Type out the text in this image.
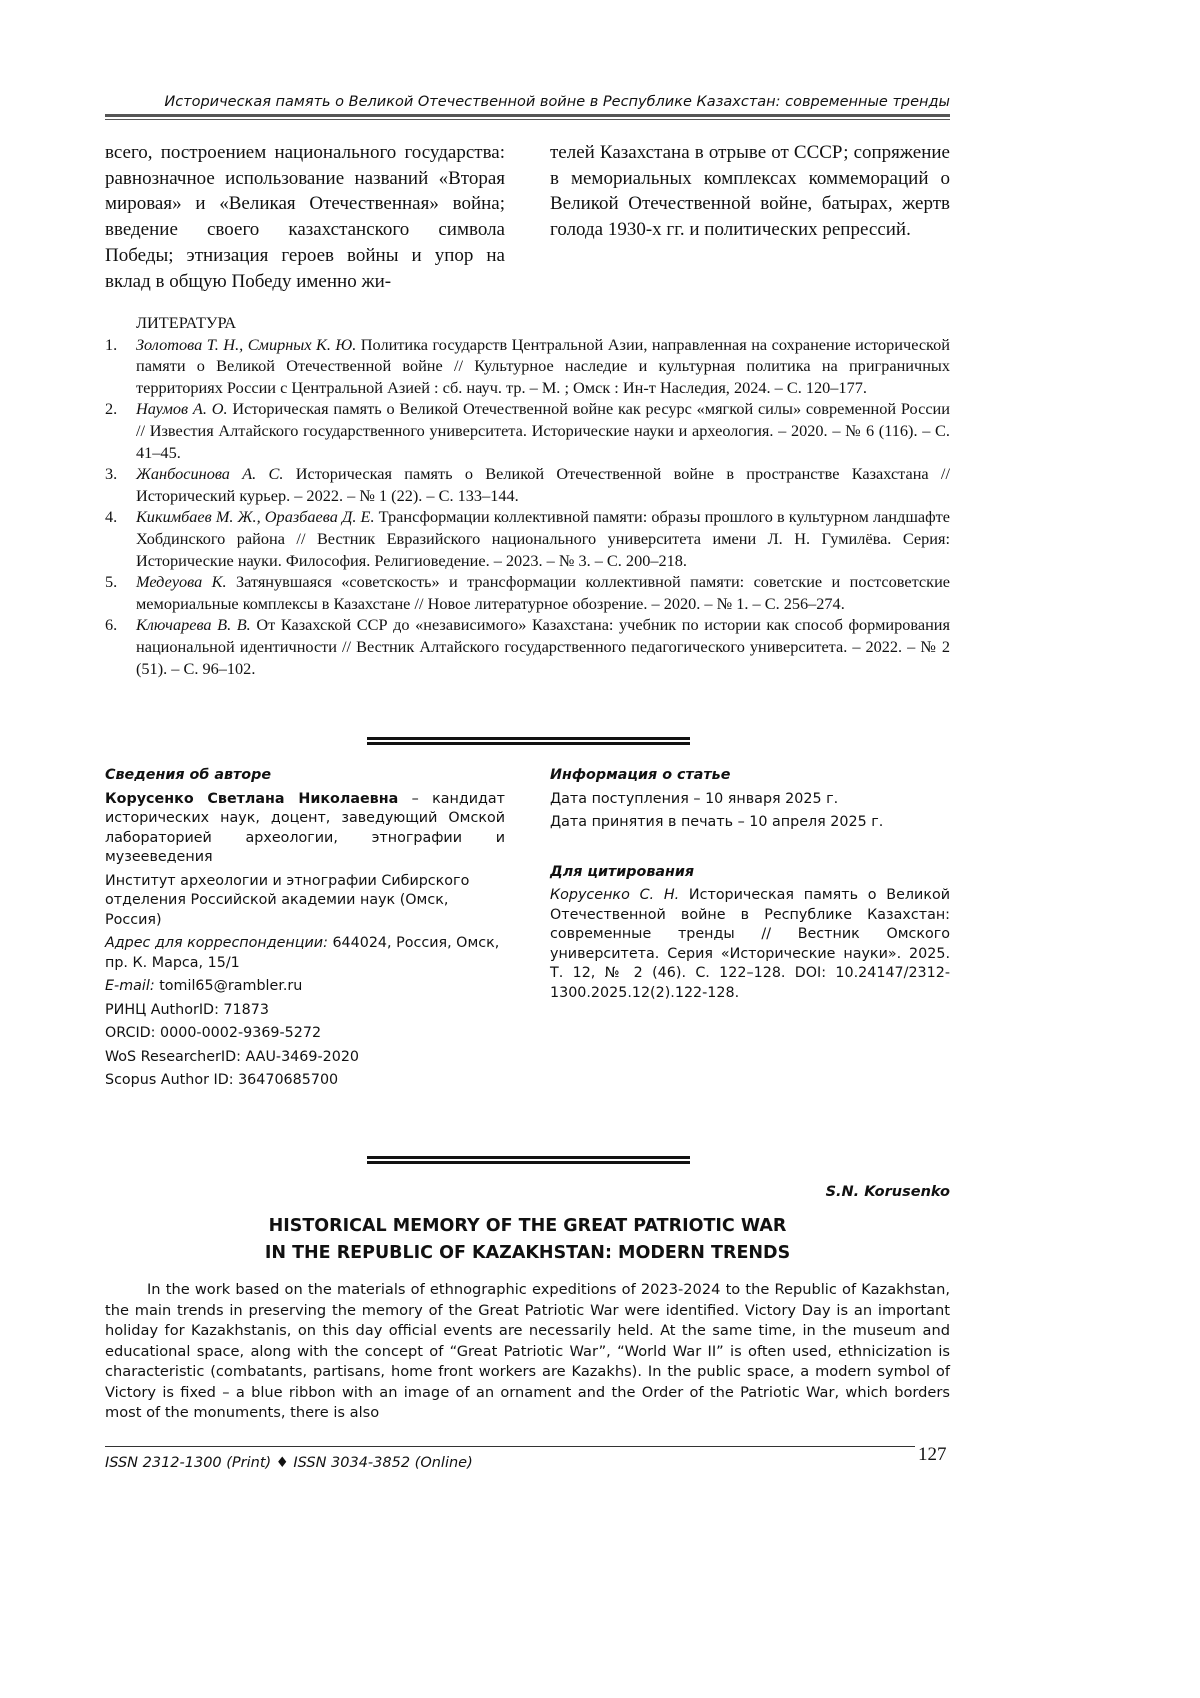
Историческая память о Великой Отечественной войне в Республике Казахстан: современные тренды
всего, построением национального государства: равнозначное использование названий «Вторая мировая» и «Великая Отечественная» война; введение своего казахстанского символа Победы; этнизация героев войны и упор на вклад в общую Победу именно жи-
телей Казахстана в отрыве от СССР; сопряжение в мемориальных комплексах коммемораций о Великой Отечественной войне, батырах, жертв голода 1930-х гг. и политических репрессий.
ЛИТЕРАТУРА
1.	Золотова Т. Н., Смирных К. Ю. Политика государств Центральной Азии, направленная на сохранение исторической памяти о Великой Отечественной войне // Культурное наследие и культурная политика на приграничных территориях России с Центральной Азией : сб. науч. тр. – М. ; Омск : Ин-т Наследия, 2024. – С. 120–177.
2.	Наумов А. О. Историческая память о Великой Отечественной войне как ресурс «мягкой силы» современной России // Известия Алтайского государственного университета. Исторические науки и археология. – 2020. – № 6 (116). – С. 41–45.
3.	Жанбосинова А. С. Историческая память о Великой Отечественной войне в пространстве Казахстана // Исторический курьер. – 2022. – № 1 (22). – С. 133–144.
4.	Кикимбаев М. Ж., Оразбаева Д. Е. Трансформации коллективной памяти: образы прошлого в культурном ландшафте Хобдинского района // Вестник Евразийского национального университета имени Л. Н. Гумилёва. Серия: Исторические науки. Философия. Религиоведение. – 2023. – № 3. – С. 200–218.
5.	Медеуова К. Затянувшаяся «советскость» и трансформации коллективной памяти: советские и постсоветские мемориальные комплексы в Казахстане // Новое литературное обозрение. – 2020. – № 1. – С. 256–274.
6.	Ключарева В. В. От Казахской ССР до «независимого» Казахстана: учебник по истории как способ формирования национальной идентичности // Вестник Алтайского государственного педагогического университета. – 2022. – № 2 (51). – С. 96–102.
Сведения об авторе
Корусенко Светлана Николаевна – кандидат исторических наук, доцент, заведующий Омской лабораторией археологии, этнографии и музееведения
Институт археологии и этнографии Сибирского отделения Российской академии наук (Омск, Россия)
Адрес для корреспонденции: 644024, Россия, Омск, пр. К. Марса, 15/1
E-mail: tomil65@rambler.ru
РИНЦ AuthorID: 71873
ORCID: 0000-0002-9369-5272
WoS ResearcherID: AAU-3469-2020
Scopus Author ID: 36470685700
Информация о статье
Дата поступления – 10 января 2025 г.
Дата принятия в печать – 10 апреля 2025 г.
Для цитирования
Корусенко С. Н. Историческая память о Великой Отечественной войне в Республике Казахстан: современные тренды // Вестник Омского университета. Серия «Исторические науки». 2025. Т. 12, № 2 (46). С. 122–128. DOI: 10.24147/2312-1300.2025.12(2).122-128.
S.N. Korusenko
HISTORICAL MEMORY OF THE GREAT PATRIOTIC WAR
IN THE REPUBLIC OF KAZAKHSTAN: MODERN TRENDS
In the work based on the materials of ethnographic expeditions of 2023-2024 to the Republic of Kazakhstan, the main trends in preserving the memory of the Great Patriotic War were identified. Victory Day is an important holiday for Kazakhstanis, on this day official events are necessarily held. At the same time, in the museum and educational space, along with the concept of “Great Patriotic War”, “World War II” is often used, ethnicization is characteristic (combatants, partisans, home front workers are Kazakhs). In the public space, a modern symbol of Victory is fixed – a blue ribbon with an image of an ornament and the Order of the Patriotic War, which borders most of the monuments, there is also
ISSN 2312-1300 (Print) ♦ ISSN 3034-3852 (Online)	127
